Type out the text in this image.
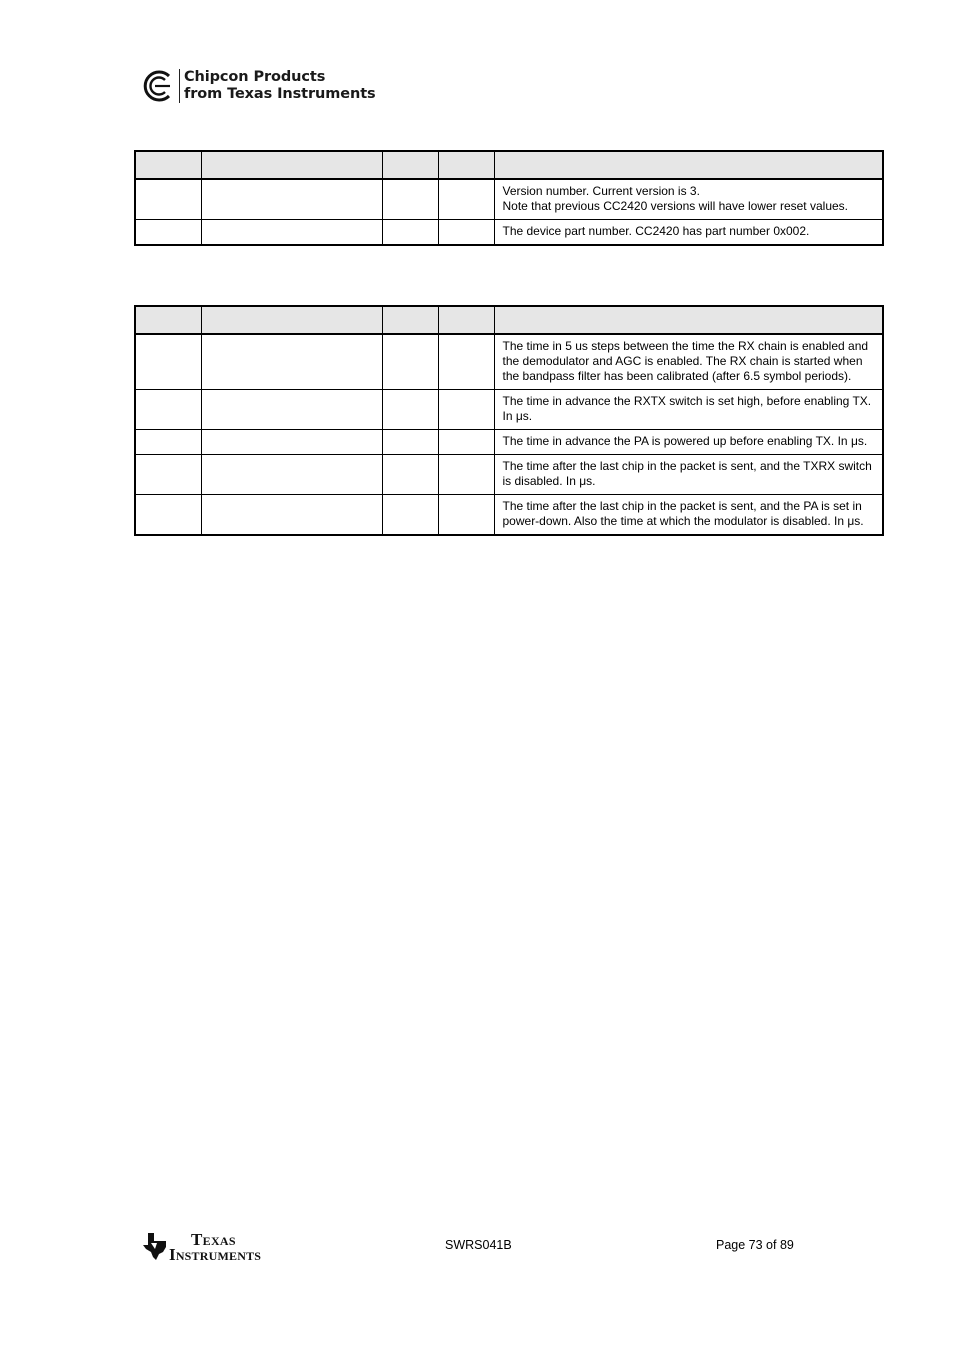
Chipcon Products
from Texas Instruments

				Version number. Current version is 3.
Note that previous CC2420 versions will have lower reset values.
				The device part number. CC2420 has part number 0x002.

				The time in 5 us steps between the time the RX chain is enabled and the demodulator and AGC is enabled. The RX chain is started when the bandpass filter has been calibrated (after 6.5 symbol periods).
				The time in advance the RXTX switch is set high, before enabling TX. In μs.
				The time in advance the PA is powered up before enabling TX. In μs.
				The time after the last chip in the packet is sent, and the TXRX switch is disabled. In μs.
				The time after the last chip in the packet is sent, and the PA is set in power-down. Also the time at which the modulator is disabled. In μs.
Texas
Instruments	SWRS041B	Page 73 of 89
